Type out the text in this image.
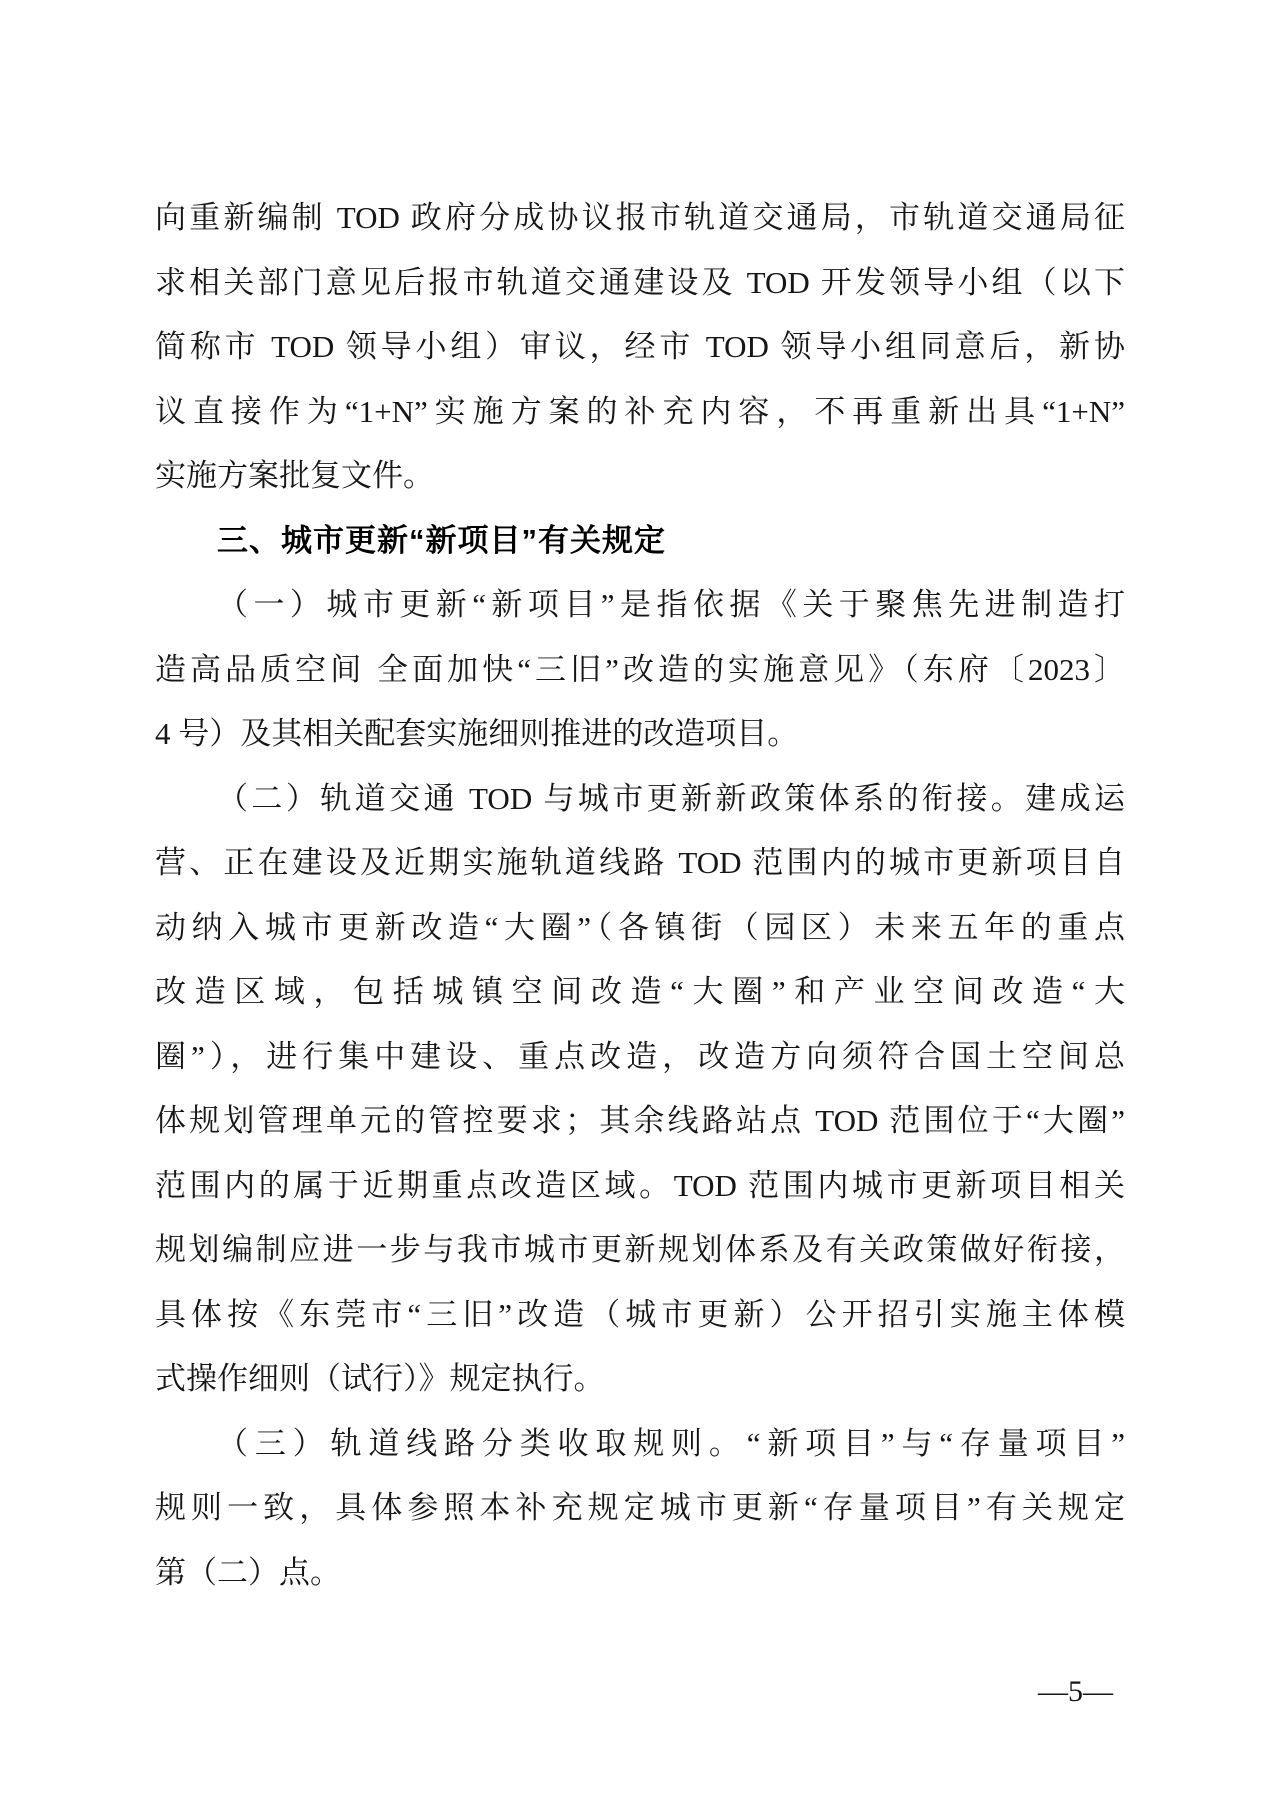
向重新编制 TOD 政府分成协议报市轨道交通局，市轨道交通局征
求相关部门意见后报市轨道交通建设及 TOD 开发领导小组（以下
简称市 TOD 领导小组）审议，经市 TOD 领导小组同意后，新协
议直接作为“1+N”实施方案的补充内容，不再重新出具“1+N”
实施方案批复文件。
三、城市更新“新项目”有关规定
（一）城市更新“新项目”是指依据《关于聚焦先进制造打
造高品质空间 全面加快“三旧”改造的实施意见》（东府〔2023〕
4 号）及其相关配套实施细则推进的改造项目。
（二）轨道交通 TOD 与城市更新新政策体系的衔接。建成运
营、正在建设及近期实施轨道线路 TOD 范围内的城市更新项目自
动纳入城市更新改造“大圈”（各镇街（园区）未来五年的重点
改造区域，包括城镇空间改造“大圈”和产业空间改造“大
圈”），进行集中建设、重点改造，改造方向须符合国土空间总
体规划管理单元的管控要求；其余线路站点 TOD 范围位于“大圈”
范围内的属于近期重点改造区域。TOD 范围内城市更新项目相关
规划编制应进一步与我市城市更新规划体系及有关政策做好衔接，
具体按《东莞市“三旧”改造（城市更新）公开招引实施主体模
式操作细则（试行）》规定执行。
（三）轨道线路分类收取规则。“新项目”与“存量项目”
规则一致，具体参照本补充规定城市更新“存量项目”有关规定
第（二）点。
—5—
